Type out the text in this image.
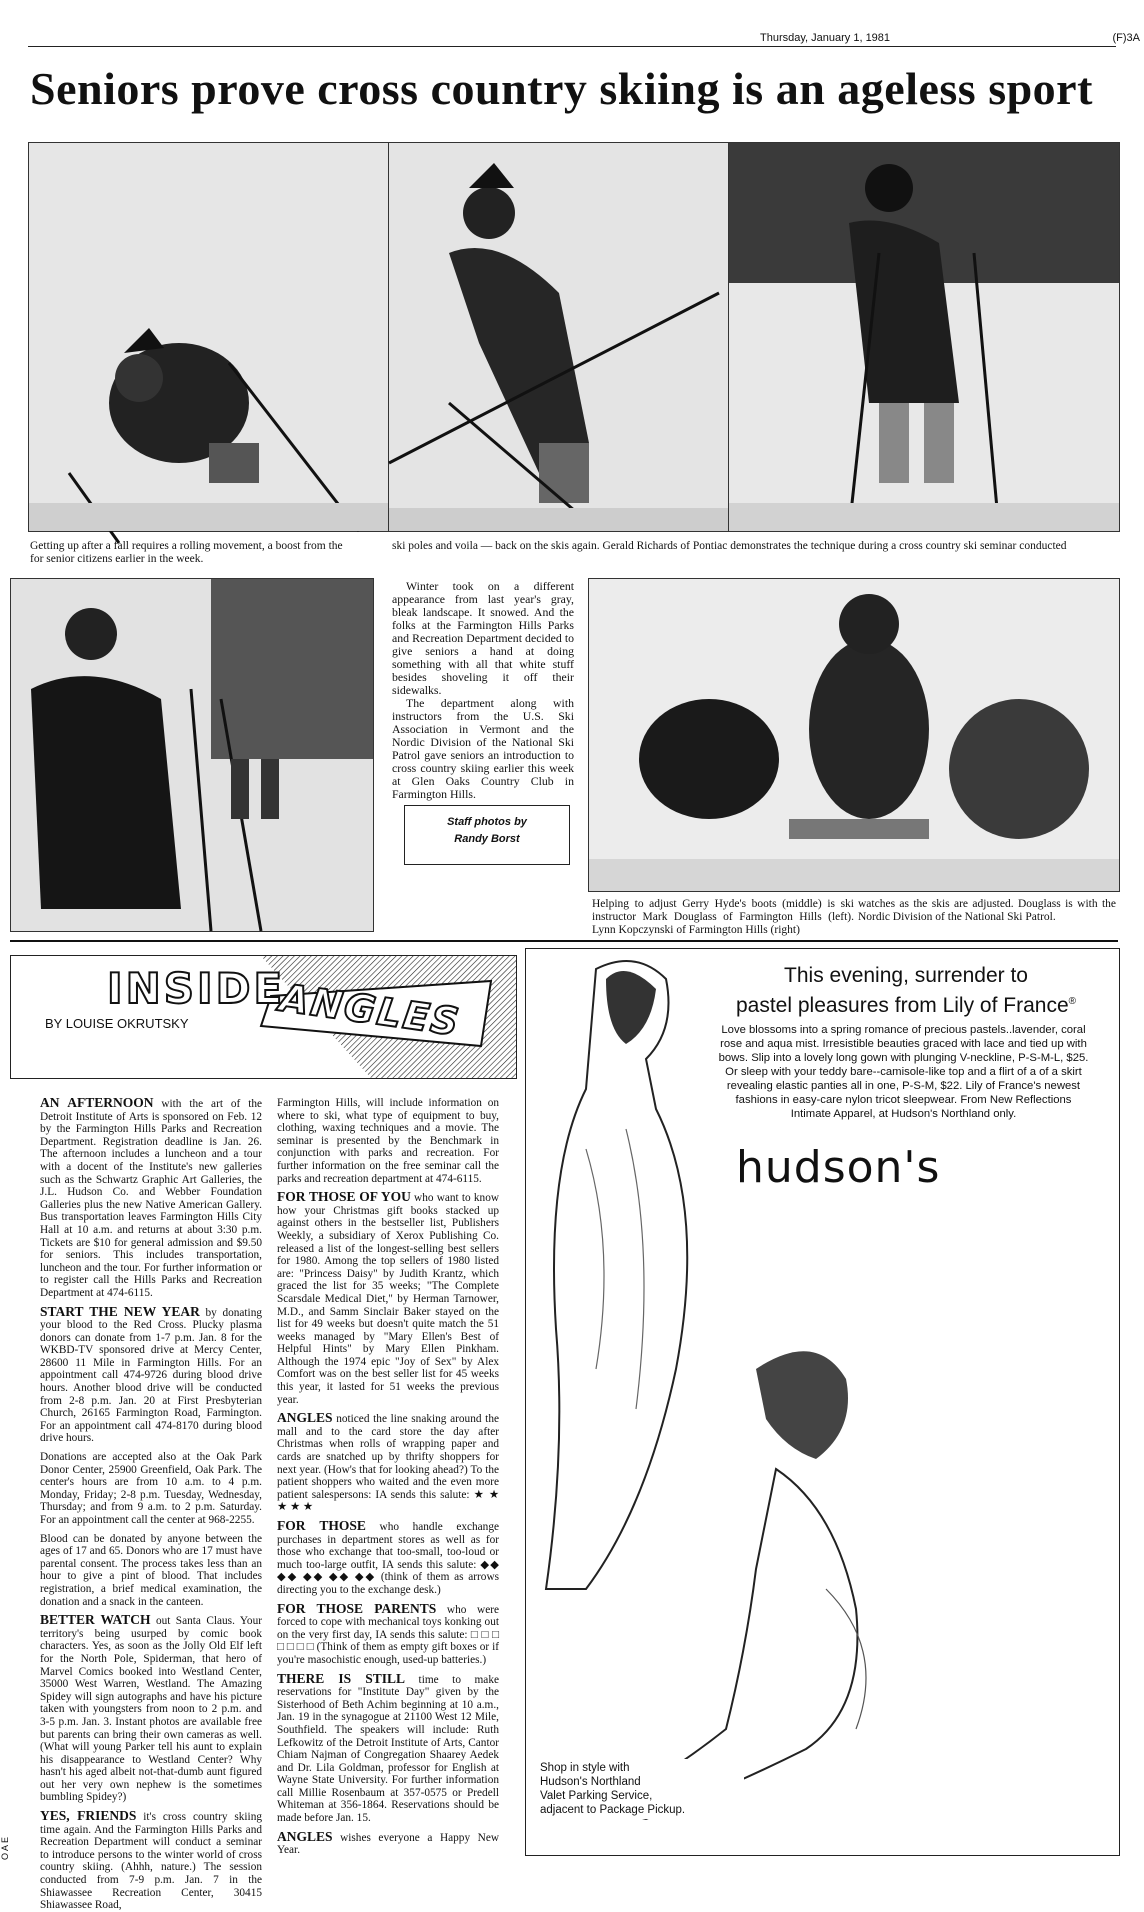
Thursday, January 1, 1981	(F)3A
Seniors prove cross country skiing is an ageless sport
Getting up after a fall requires a rolling movement, a boost from the
for senior citizens earlier in the week.
ski poles and voila — back on the skis again. Gerald Richards of Pontiac demonstrates the technique during a cross country ski seminar conducted
Winter took on a different appearance from last year's gray, bleak landscape. It snowed. And the folks at the Farmington Hills Parks and Recreation Department decided to give seniors a hand at doing something with all that white stuff besides shoveling it off their sidewalks.
The department along with instructors from the U.S. Ski Association in Vermont and the Nordic Division of the National Ski Patrol gave seniors an introduction to cross country skiing earlier this week at Glen Oaks Country Club in Farmington Hills.
Staff photos by
Randy Borst
Helping to adjust Gerry Hyde's boots (middle) is ski instructor Mark Douglass of Farmington Hills (left). Lynn Kopczynski of Farmington Hills (right)
watches as the skis are adjusted. Douglass is with the Nordic Division of the National Ski Patrol.
INSIDE
ANGLES
BY LOUISE OKRUTSKY

AN AFTERNOON with the art of the Detroit Institute of Arts is sponsored on Feb. 12 by the Farmington Hills Parks and Recreation Department. Registration deadline is Jan. 26. The afternoon includes a luncheon and a tour with a docent of the Institute's new galleries such as the Schwartz Graphic Art Galleries, the J.L. Hudson Co. and Webber Foundation Galleries plus the new Native American Gallery. Bus transportation leaves Farmington Hills City Hall at 10 a.m. and returns at about 3:30 p.m. Tickets are $10 for general admission and $9.50 for seniors. This includes transportation, luncheon and the tour. For further information or to register call the Hills Parks and Recreation Department at 474-6115.

START THE NEW YEAR by donating your blood to the Red Cross. Plucky plasma donors can donate from 1-7 p.m. Jan. 8 for the WKBD-TV sponsored drive at Mercy Center, 28600 11 Mile in Farmington Hills. For an appointment call 474-9726 during blood drive hours. Another blood drive will be conducted from 2-8 p.m. Jan. 20 at First Presbyterian Church, 26165 Farmington Road, Farmington. For an appointment call 474-8170 during blood drive hours.

Donations are accepted also at the Oak Park Donor Center, 25900 Greenfield, Oak Park. The center's hours are from 10 a.m. to 4 p.m. Monday, Friday; 2-8 p.m. Tuesday, Wednesday, Thursday; and from 9 a.m. to 2 p.m. Saturday. For an appointment call the center at 968-2255.

Blood can be donated by anyone between the ages of 17 and 65. Donors who are 17 must have parental consent. The process takes less than an hour to give a pint of blood. That includes registration, a brief medical examination, the donation and a snack in the canteen.

BETTER WATCH out Santa Claus. Your territory's being usurped by comic book characters. Yes, as soon as the Jolly Old Elf left for the North Pole, Spiderman, that hero of Marvel Comics booked into Westland Center, 35000 West Warren, Westland. The Amazing Spidey will sign autographs and have his picture taken with youngsters from noon to 2 p.m. and 3-5 p.m. Jan. 3. Instant photos are available free but parents can bring their own cameras as well. (What will young Parker tell his aunt to explain his disappearance to Westland Center? Why hasn't his aged albeit not-that-dumb aunt figured out her very own nephew is the sometimes bumbling Spidey?)

YES, FRIENDS it's cross country skiing time again. And the Farmington Hills Parks and Recreation Department will conduct a seminar to introduce persons to the winter world of cross country skiing. (Ahhh, nature.) The session conducted from 7-9 p.m. Jan. 7 in the Shiawassee Recreation Center, 30415 Shiawassee Road,

Farmington Hills, will include information on where to ski, what type of equipment to buy, clothing, waxing techniques and a movie. The seminar is presented by the Benchmark in conjunction with parks and recreation. For further information on the free seminar call the parks and recreation department at 474-6115.

FOR THOSE OF YOU who want to know how your Christmas gift books stacked up against others in the bestseller list, Publishers Weekly, a subsidiary of Xerox Publishing Co. released a list of the longest-selling best sellers for 1980. Among the top sellers of 1980 listed are: "Princess Daisy" by Judith Krantz, which graced the list for 35 weeks; "The Complete Scarsdale Medical Diet," by Herman Tarnower, M.D., and Samm Sinclair Baker stayed on the list for 49 weeks but doesn't quite match the 51 weeks managed by "Mary Ellen's Best of Helpful Hints" by Mary Ellen Pinkham. Although the 1974 epic "Joy of Sex" by Alex Comfort was on the best seller list for 45 weeks this year, it lasted for 51 weeks the previous year.

ANGLES noticed the line snaking around the mall and to the card store the day after Christmas when rolls of wrapping paper and cards are snatched up by thrifty shoppers for next year. (How's that for looking ahead?) To the patient shoppers who waited and the even more patient salespersons: IA sends this salute: ★ ★ ★ ★ ★

FOR THOSE who handle exchange purchases in department stores as well as for those who exchange that too-small, too-loud or much too-large outfit, IA sends this salute: ◆◆ ◆◆ ◆◆ ◆◆ ◆◆ (think of them as arrows directing you to the exchange desk.)

FOR THOSE PARENTS who were forced to cope with mechanical toys konking out on the very first day, IA sends this salute: □ □ □ □ □ □ □ (Think of them as empty gift boxes or if you're masochistic enough, used-up batteries.)

THERE IS STILL time to make reservations for "Institute Day" given by the Sisterhood of Beth Achim beginning at 10 a.m., Jan. 19 in the synagogue at 21100 West 12 Mile, Southfield. The speakers will include: Ruth Lefkowitz of the Detroit Institute of Arts, Cantor Chiam Najman of Congregation Shaarey Aedek and Dr. Lila Goldman, professor for English at Wayne State University. For further information call Millie Rosenbaum at 357-0575 or Predell Whiteman at 356-1864. Reservations should be made before Jan. 15.

ANGLES wishes everyone a Happy New Year.

This evening, surrender to
pastel pleasures from Lily of France®
Love blossoms into a spring romance of precious pastels..lavender, coral rose and aqua mist. Irresistible beauties graced with lace and tied up with bows. Slip into a lovely long gown with plunging V-neckline, P-S-M-L, $25. Or sleep with your teddy bare--camisole-like top and a flirt of a of a skirt revealing elastic panties all in one, P-S-M, $22. Lily of France's newest fashions in easy-care nylon tricot sleepwear. From New Reflections Intimate Apparel, at Hudson's Northland only.
hudson's
Shop in style with
Hudson's Northland
Valet Parking Service,
adjacent to Package Pickup.
O A E
